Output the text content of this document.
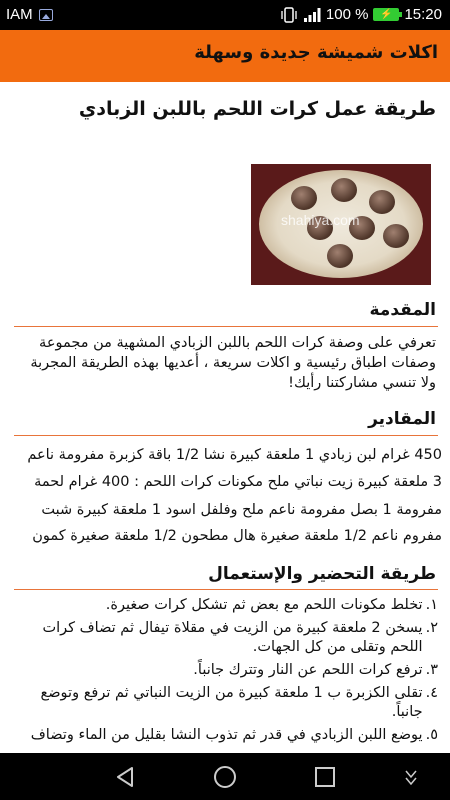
IAM	100 %	⚡ 15:20
اكلات شميشة جديدة وسهلة
طريقة عمل كرات اللحم باللبن الزبادي
shahiya.com
المقدمة
تعرفي على وصفة كرات اللحم باللبن الزبادي المشهية من مجموعة وصفات اطباق رئيسية و اكلات سريعة ، أعديها بهذه الطريقة المجربة ولا تنسي مشاركتنا رأيك!
المقادير
450 غرام لبن زبادي 1 ملعقة كبيرة نشا 1/2 باقة كزبرة مفرومة ناعم
3 ملعقة كبيرة زيت نباتي ملح مكونات كرات اللحم : 400 غرام لحمة
مفرومة 1 بصل مفرومة ناعم ملح وفلفل اسود 1 ملعقة كبيرة شبت
مفروم ناعم 1/2 ملعقة صغيرة هال مطحون 1/2 ملعقة صغيرة كمون
طريقة التحضير والإستعمال
١.
تخلط مكونات اللحم مع بعض ثم تشكل كرات صغيرة.
٢.
يسخن 2 ملعقة كبيرة من الزيت في مقلاة تيفال ثم تضاف كرات اللحم وتقلى من كل الجهات.
٣.
ترفع كرات اللحم عن النار وتترك جانباً.
٤.
تقلى الكزبرة ب 1 ملعقة كبيرة من الزيت النباتي ثم ترفع وتوضع جانباً.
٥.
يوضع اللبن الزبادي في قدر ثم تذوب النشا بقليل من الماء وتضاف
